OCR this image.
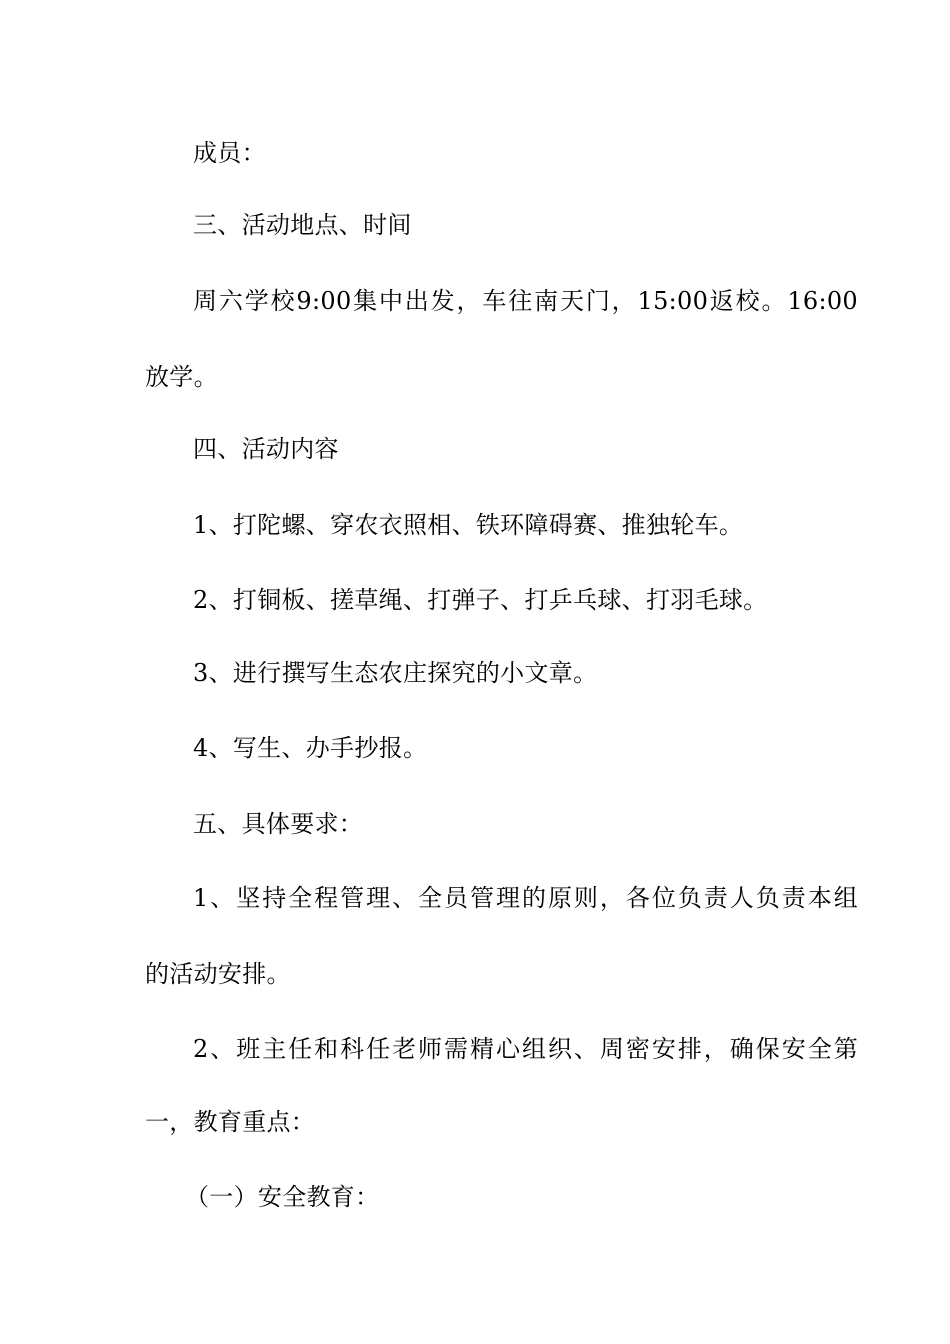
成员：
三、活动地点、时间
周六学校9:00集中出发，车往南天门，15:00返校。16:00
放学。
四、活动内容
1、打陀螺、穿农衣照相、铁环障碍赛、推独轮车。
2、打铜板、搓草绳、打弹子、打乒乓球、打羽毛球。
3、进行撰写生态农庄探究的小文章。
4、写生、办手抄报。
五、具体要求：
1、坚持全程管理、全员管理的原则，各位负责人负责本组
的活动安排。
2、班主任和科任老师需精心组织、周密安排，确保安全第
一，教育重点：
（一）安全教育：
